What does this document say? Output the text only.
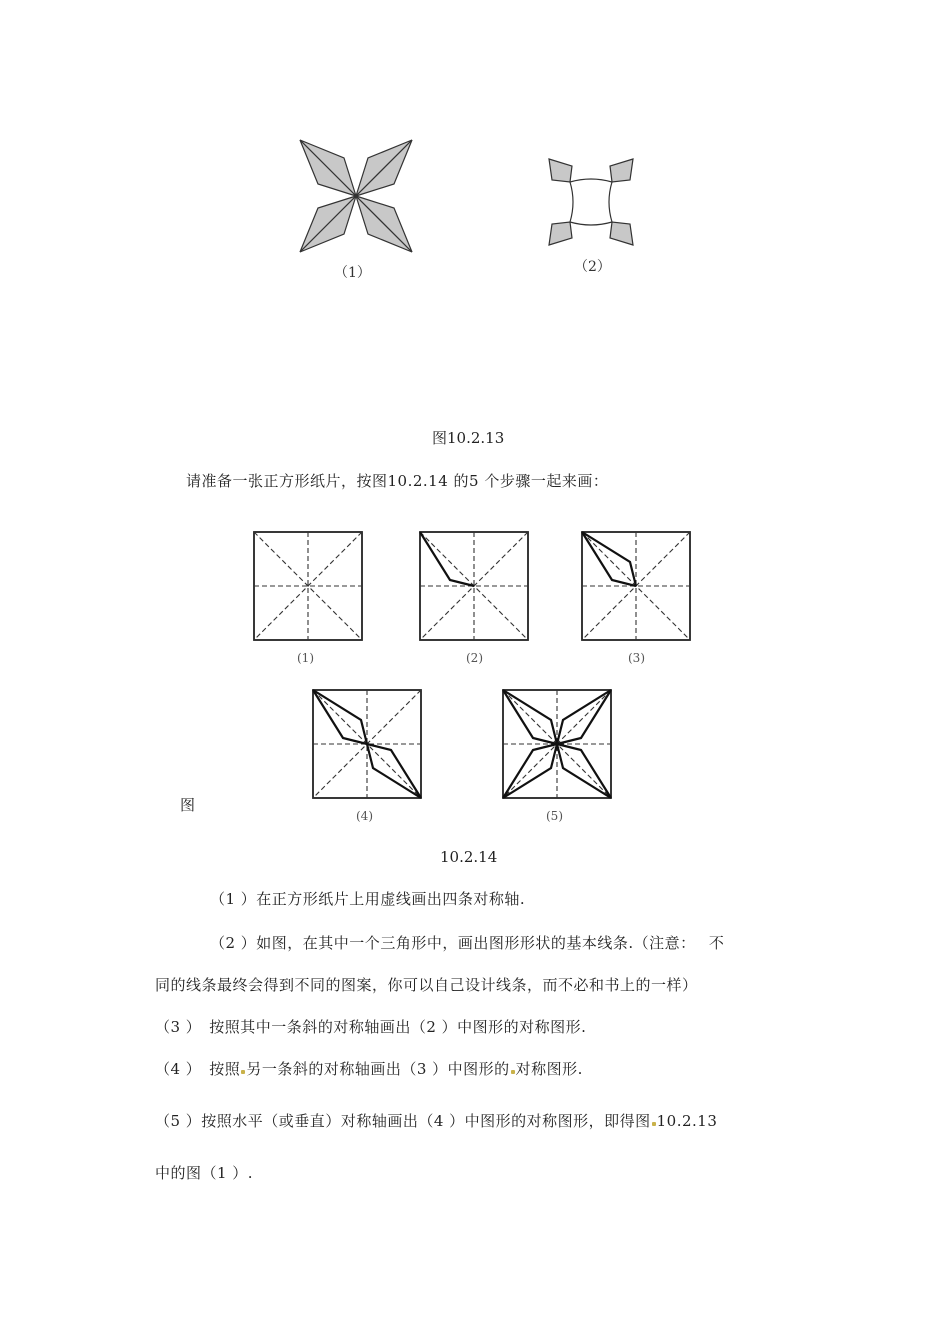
（1）	（2）
图10.2.13
请准备一张正方形纸片，按图10.2.14 的5 个步骤一起来画：
(1)	(2)	(3)
(4)	(5)
图
10.2.14
（1 ）在正方形纸片上用虚线画出四条对称轴.
（2 ）如图，在其中一个三角形中，画出图形形状的基本线条.（注意：　 不
同的线条最终会得到不同的图案，你可以自己设计线条，而不必和书上的一样）
（3 ）　按照其中一条斜的对称轴画出（2 ）中图形的对称图形.
（4 ）　按照 另一条斜的对称轴画出（3 ）中图形的 对称图形.
（5 ）按照水平（或垂直）对称轴画出（4 ）中图形的对称图形，即得图 10.2.13
中的图（1 ）.
